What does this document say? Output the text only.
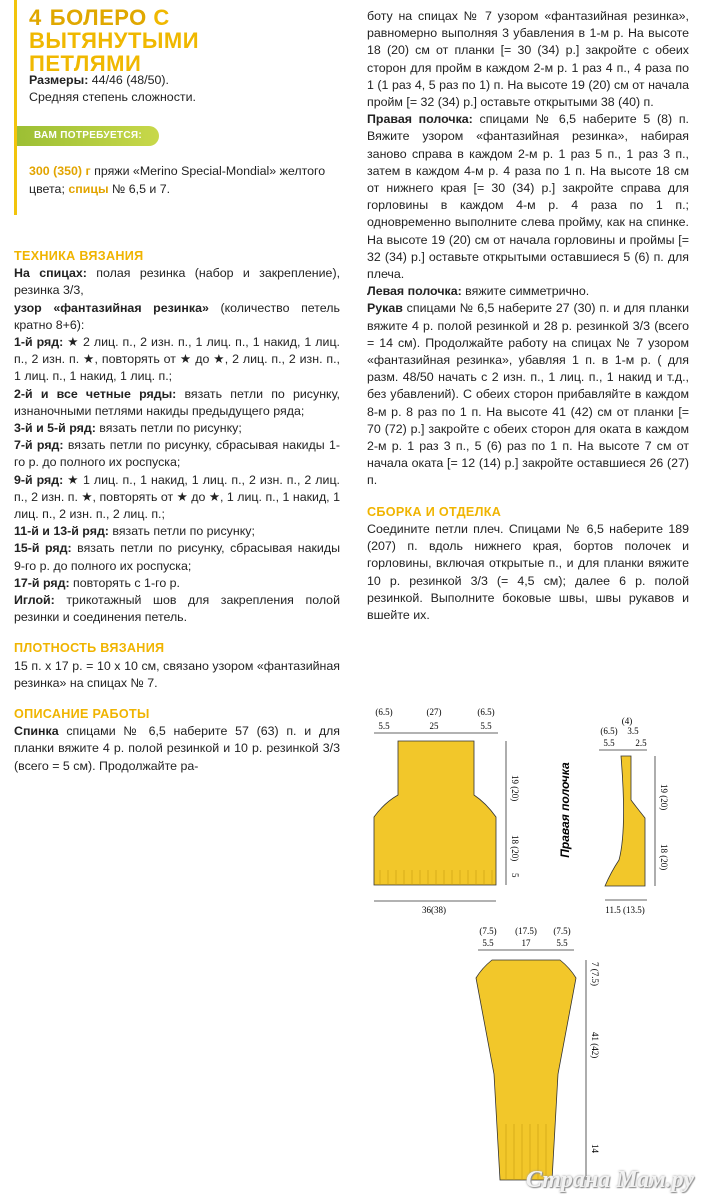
4 БОЛЕРО С ВЫТЯНУТЫМИ
ПЕТЛЯМИ
Размеры: 44/46 (48/50).
Средняя степень сложности.
ВАМ ПОТРЕБУЕТСЯ:
300 (350) г пряжи «Merino Special-Mondial» желтого цвета; спицы № 6,5 и 7.
ТЕХНИКА ВЯЗАНИЯ

На спицах: полая резинка (набор и закрепление), резинка 3/3,

узор «фантазийная резинка» (количество петель кратно 8+6):

1-й ряд: ★ 2 лиц. п., 2 изн. п., 1 лиц. п., 1 накид, 1 лиц. п., 2 изн. п. ★, повторять от ★ до ★, 2 лиц. п., 2 изн. п., 1 лиц. п., 1 накид, 1 лиц. п.;

2-й и все четные ряды: вязать петли по рисунку, изнаночными петлями накиды предыдущего ряда;

3-й и 5-й ряд: вязать петли по рисунку;

7-й ряд: вязать петли по рисунку, сбрасывая накиды 1-го р. до полного их роспуска;

9-й ряд: ★ 1 лиц. п., 1 накид, 1 лиц. п., 2 изн. п., 2 лиц. п., 2 изн. п. ★, повторять от ★ до ★, 1 лиц. п., 1 накид, 1 лиц. п., 2 изн. п., 2 лиц. п.;

11-й и 13-й ряд: вязать петли по рисунку;

15-й ряд: вязать петли по рисунку, сбрасывая накиды 9-го р. до полного их роспуска;

17-й ряд: повторять с 1-го р.

Иглой: трикотажный шов для закрепления полой резинки и соединения петель.

ПЛОТНОСТЬ ВЯЗАНИЯ

15 п. х 17 р. = 10 х 10 см, связано узором «фантазийная резинка» на спицах № 7.

ОПИСАНИЕ РАБОТЫ

Спинка спицами № 6,5 наберите 57 (63) п. и для планки вяжите 4 р. полой резинкой и 10 р. резинкой 3/3 (всего = 5 см). Продолжайте ра-

боту на спицах № 7 узором «фантазийная резинка», равномерно выполняя 3 убавления в 1-м р. На высоте 18 (20) см от планки [= 30 (34) р.] закройте с обеих сторон для пройм в каждом 2-м р. 1 раз 4 п., 4 раза по 1 (1 раз 4, 5 раз по 1) п. На высоте 19 (20) см от начала пройм [= 32 (34) р.] оставьте открытыми 38 (40) п.

Правая полочка: спицами № 6,5 наберите 5 (8) п. Вяжите узором «фантазийная резинка», набирая заново справа в каждом 2-м р. 1 раз 5 п., 1 раз 3 п., затем в каждом 4-м р. 4 раза по 1 п. На высоте 18 см от нижнего края [= 30 (34) р.] закройте справа для горловины в каждом 4-м р. 4 раза по 1 п.; одновременно выполните слева пройму, как на спинке. На высоте 19 (20) см от начала горловины и проймы [= 32 (34) р.] оставьте открытыми оставшиеся 5 (6) п. для плеча.

Левая полочка: вяжите симметрично.

Рукав спицами № 6,5 наберите 27 (30) п. и для планки вяжите 4 р. полой резинкой и 28 р. резинкой 3/3 (всего = 14 см). Продолжайте работу на спицах № 7 узором «фантазийная резинка», убавляя 1 п. в 1-м р. ( для разм. 48/50 начать с 2 изн. п., 1 лиц. п., 1 накид и т.д., без убавлений). С обеих сторон прибавляйте в каждом 8-м р. 8 раз по 1 п. На высоте 41 (42) см от планки [= 70 (72) р.] закройте с обеих сторон для оката в каждом 2-м р. 1 раз 3 п., 5 (6) раз по 1 п. На высоте 7 см от начала оката [= 12 (14) р.] закройте оставшиеся 26 (27) п.

СБОРКА И ОТДЕЛКА

Соедините петли плеч. Спицами № 6,5 наберите 189 (207) п. вдоль нижнего края, бортов полочек и горловины, включая открытые п., и для планки вяжите 10 р. резинкой 3/3 (= 4,5 см); далее 6 р. полой резинкой. Выполните боковые швы, швы рукавов и вшейте их.

(6.5)	(27)	(6.5)
5.5	25	5.5
19 (20)
18 (20)
5
36(38)
Правая полочка
(4)
(6.5) 3.5
5.5 2.5
19 (20)
18 (20)
11.5 (13.5)
(7.5) (17.5) (7.5)
5.5	17	5.5
7 (7.5)
41 (42)
14
Страна Мам.ру
